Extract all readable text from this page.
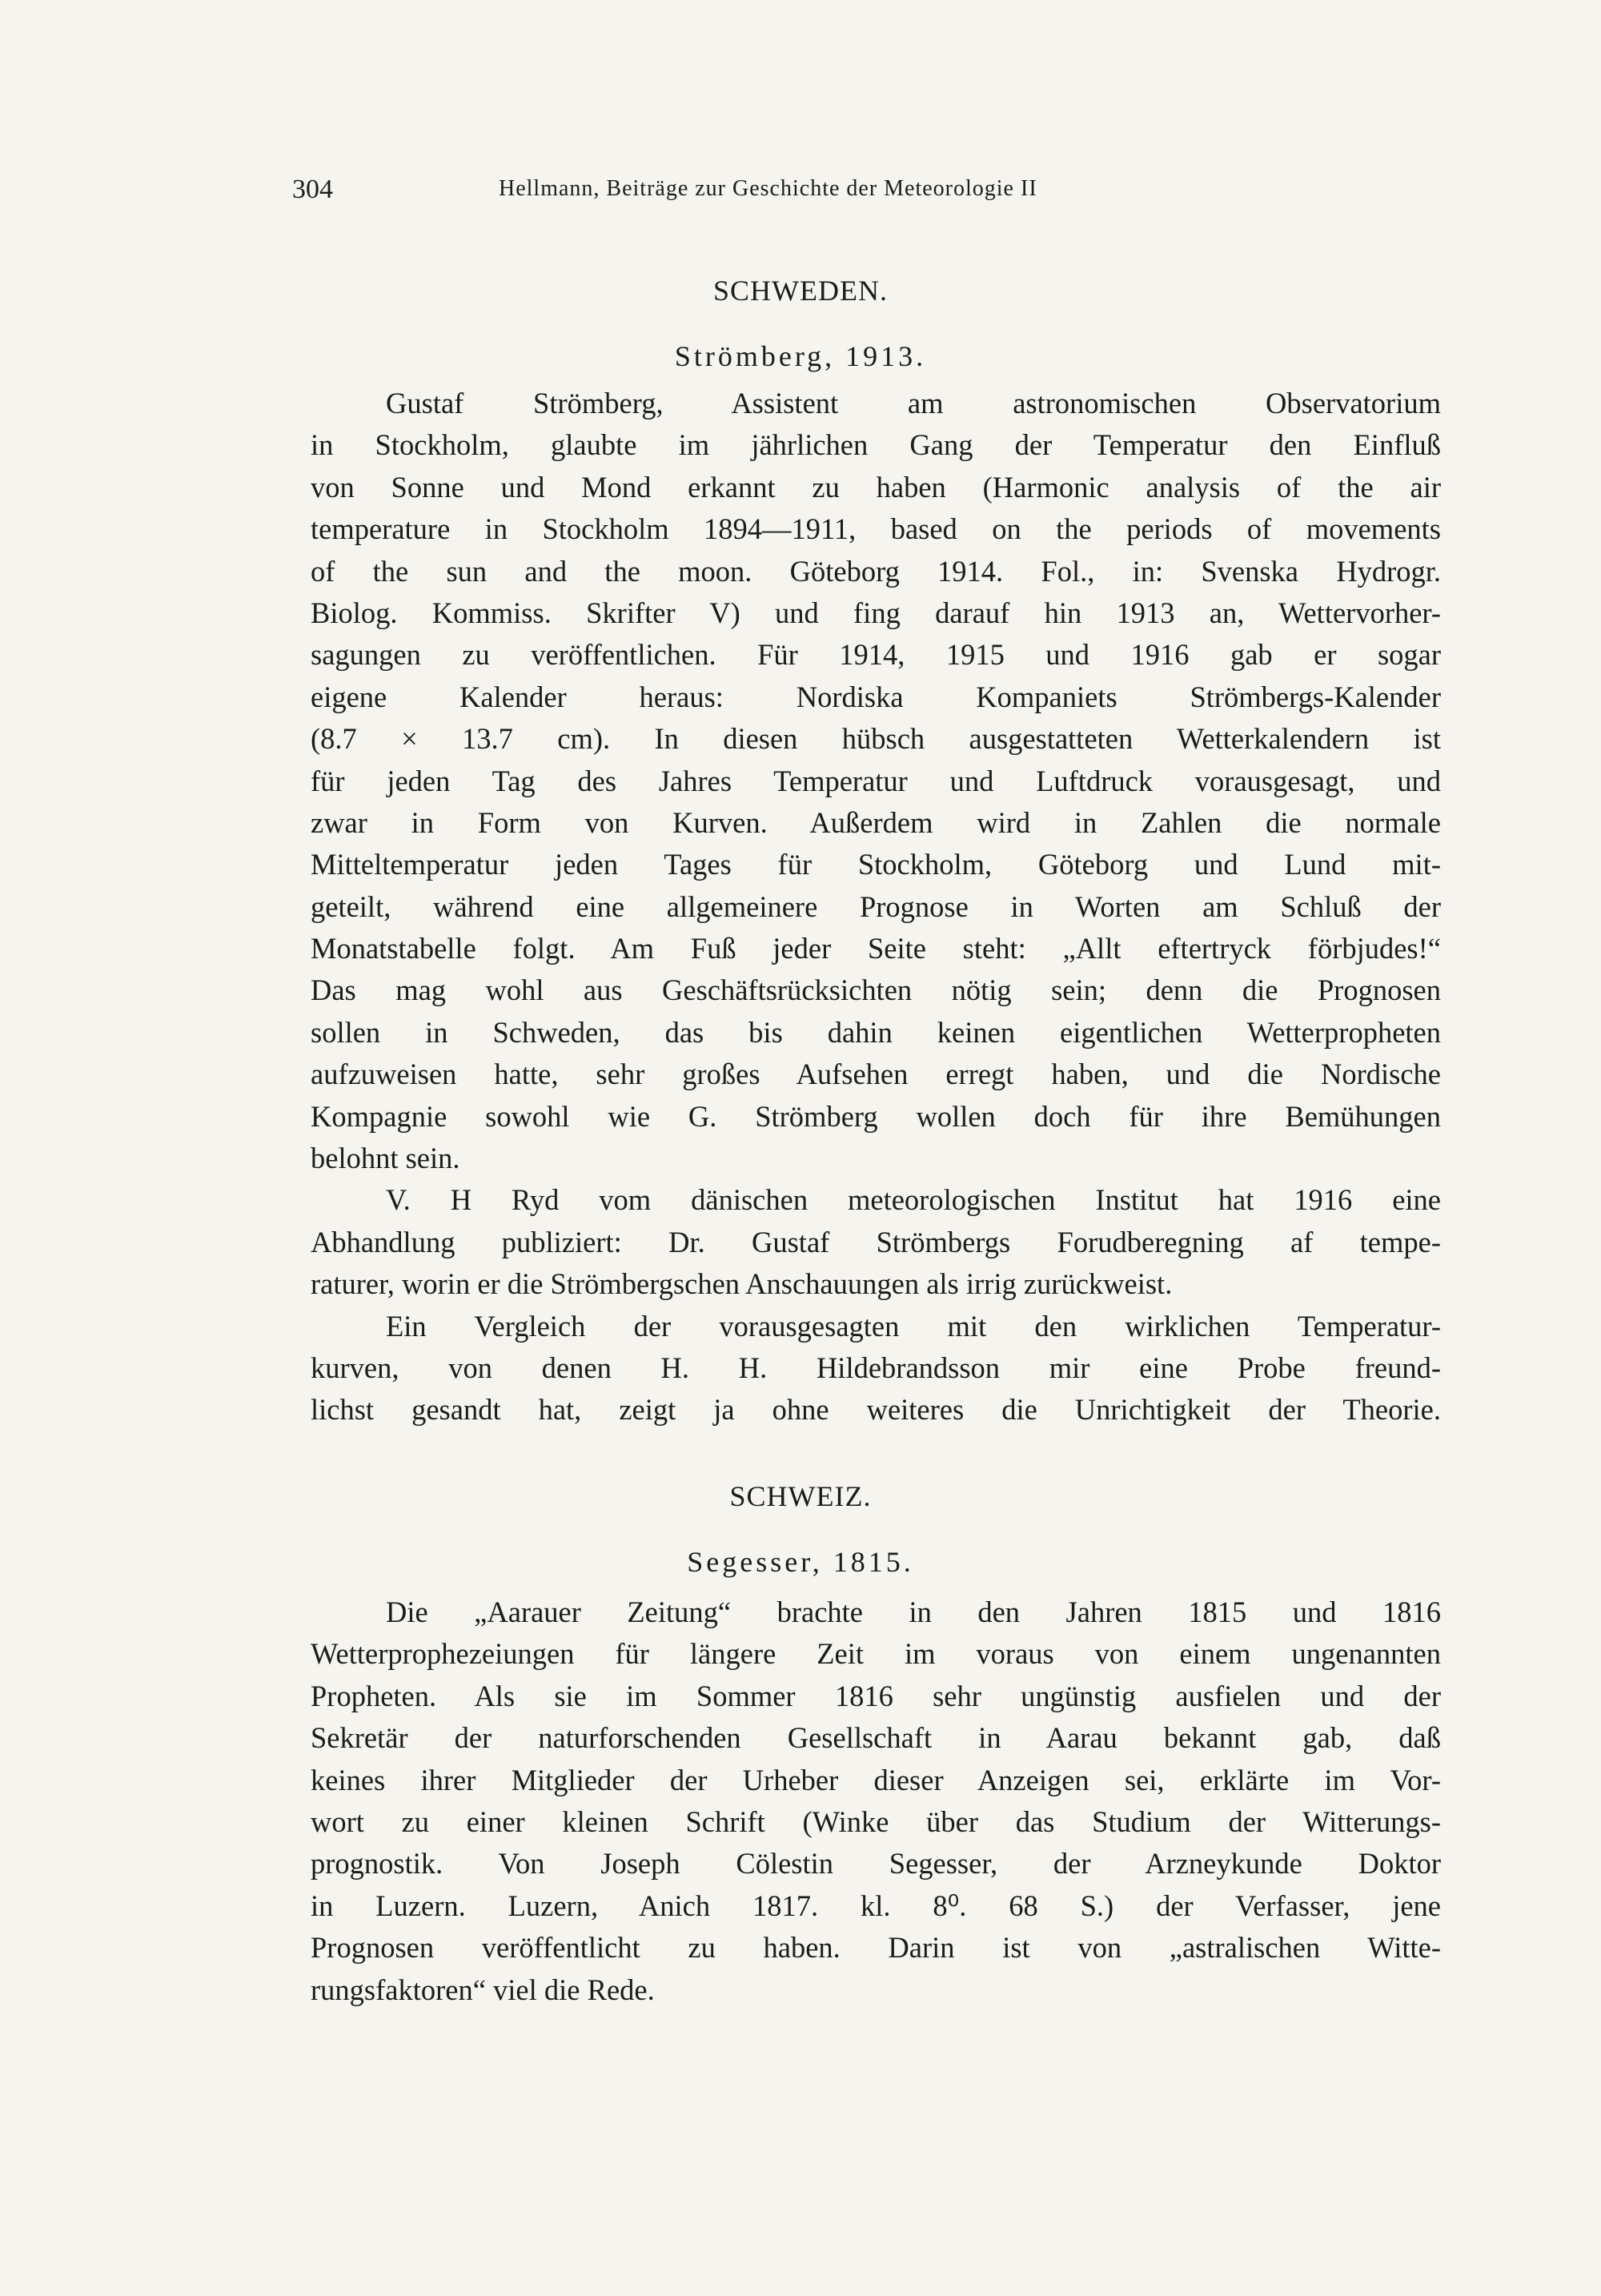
304	Hellmann, Beiträge zur Geschichte der Meteorologie II
SCHWEDEN.
Strömberg, 1913.
Gustaf Strömberg, Assistent am astronomischen Observatorium
in Stockholm, glaubte im jährlichen Gang der Temperatur den Einfluß
von Sonne und Mond erkannt zu haben (Harmonic analysis of the air
temperature in Stockholm 1894—1911, based on the periods of movements
of the sun and the moon. Göteborg 1914. Fol., in: Svenska Hydrogr.
Biolog. Kommiss. Skrifter V) und fing darauf hin 1913 an, Wettervorher-
sagungen zu veröffentlichen. Für 1914, 1915 und 1916 gab er sogar
eigene Kalender heraus: Nordiska Kompaniets Strömbergs-Kalender
(8.7 × 13.7 cm). In diesen hübsch ausgestatteten Wetterkalendern ist
für jeden Tag des Jahres Temperatur und Luftdruck vorausgesagt, und
zwar in Form von Kurven. Außerdem wird in Zahlen die normale
Mitteltemperatur jeden Tages für Stockholm, Göteborg und Lund mit-
geteilt, während eine allgemeinere Prognose in Worten am Schluß der
Monatstabelle folgt. Am Fuß jeder Seite steht: „Allt eftertryck förbjudes!“
Das mag wohl aus Geschäftsrücksichten nötig sein; denn die Prognosen
sollen in Schweden, das bis dahin keinen eigentlichen Wetterpropheten
aufzuweisen hatte, sehr großes Aufsehen erregt haben, und die Nordische
Kompagnie sowohl wie G. Strömberg wollen doch für ihre Bemühungen
belohnt sein.
V. H Ryd vom dänischen meteorologischen Institut hat 1916 eine
Abhandlung publiziert: Dr. Gustaf Strömbergs Forudberegning af tempe-
raturer, worin er die Strömbergschen Anschauungen als irrig zurückweist.
Ein Vergleich der vorausgesagten mit den wirklichen Temperatur-
kurven, von denen H. H. Hildebrandsson mir eine Probe freund-
lichst gesandt hat, zeigt ja ohne weiteres die Unrichtigkeit der Theorie.
SCHWEIZ.
Segesser, 1815.
Die „Aarauer Zeitung“ brachte in den Jahren 1815 und 1816
Wetterprophezeiungen für längere Zeit im voraus von einem ungenannten
Propheten. Als sie im Sommer 1816 sehr ungünstig ausfielen und der
Sekretär der naturforschenden Gesellschaft in Aarau bekannt gab, daß
keines ihrer Mitglieder der Urheber dieser Anzeigen sei, erklärte im Vor-
wort zu einer kleinen Schrift (Winke über das Studium der Witterungs-
prognostik. Von Joseph Cölestin Segesser, der Arzneykunde Doktor
in Luzern. Luzern, Anich 1817. kl. 8⁰. 68 S.) der Verfasser, jene
Prognosen veröffentlicht zu haben. Darin ist von „astralischen Witte-
rungsfaktoren“ viel die Rede.
